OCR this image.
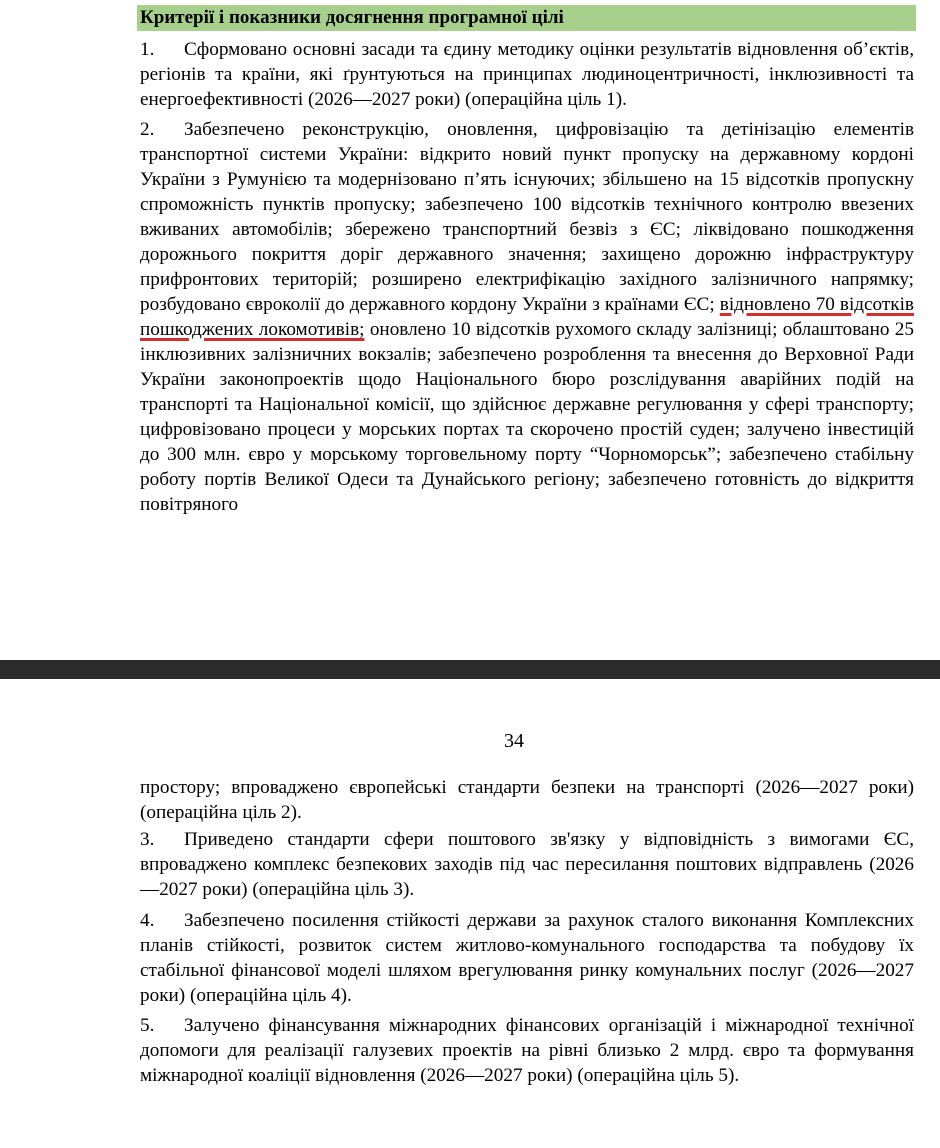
Критерії і показники досягнення програмної цілі
1. Сформовано основні засади та єдину методику оцінки результатів відновлення об’єктів, регіонів та країни, які ґрунтуються на принципах людиноцентричності, інклюзивності та енергоефективності (2026—2027 роки) (операційна ціль 1).
2. Забезпечено реконструкцію, оновлення, цифровізацію та детінізацію елементів транспортної системи України: відкрито новий пункт пропуску на державному кордоні України з Румунією та модернізовано п’ять існуючих; збільшено на 15 відсотків пропускну спроможність пунктів пропуску; забезпечено 100 відсотків технічного контролю ввезених вживаних автомобілів; збережено транспортний безвіз з ЄС; ліквідовано пошкодження дорожнього покриття доріг державного значення; захищено дорожню інфраструктуру прифронтових територій; розширено електрифікацію західного залізничного напрямку; розбудовано євроколії до державного кордону України з країнами ЄС; відновлено 70 відсотків пошкоджених локомотивів; оновлено 10 відсотків рухомого складу залізниці; облаштовано 25 інклюзивних залізничних вокзалів; забезпечено розроблення та внесення до Верховної Ради України законопроектів щодо Національного бюро розслідування аварійних подій на транспорті та Національної комісії, що здійснює державне регулювання у сфері транспорту; цифровізовано процеси у морських портах та скорочено простій суден; залучено інвестицій до 300 млн. євро у морському торговельному порту “Чорноморськ”; забезпечено стабільну роботу портів Великої Одеси та Дунайського регіону; забезпечено готовність до відкриття повітряного
34
простору; впроваджено європейські стандарти безпеки на транспорті (2026—2027 роки) (операційна ціль 2).
3. Приведено стандарти сфери поштового зв'язку у відповідність з вимогами ЄС, впроваджено комплекс безпекових заходів під час пересилання поштових відправлень (2026—2027 роки) (операційна ціль 3).
4. Забезпечено посилення стійкості держави за рахунок сталого виконання Комплексних планів стійкості, розвиток систем житлово-комунального господарства та побудову їх стабільної фінансової моделі шляхом врегулювання ринку комунальних послуг (2026—2027 роки) (операційна ціль 4).
5. Залучено фінансування міжнародних фінансових організацій і міжнародної технічної допомоги для реалізації галузевих проектів на рівні близько 2 млрд. євро та формування міжнародної коаліції відновлення (2026—2027 роки) (операційна ціль 5).
